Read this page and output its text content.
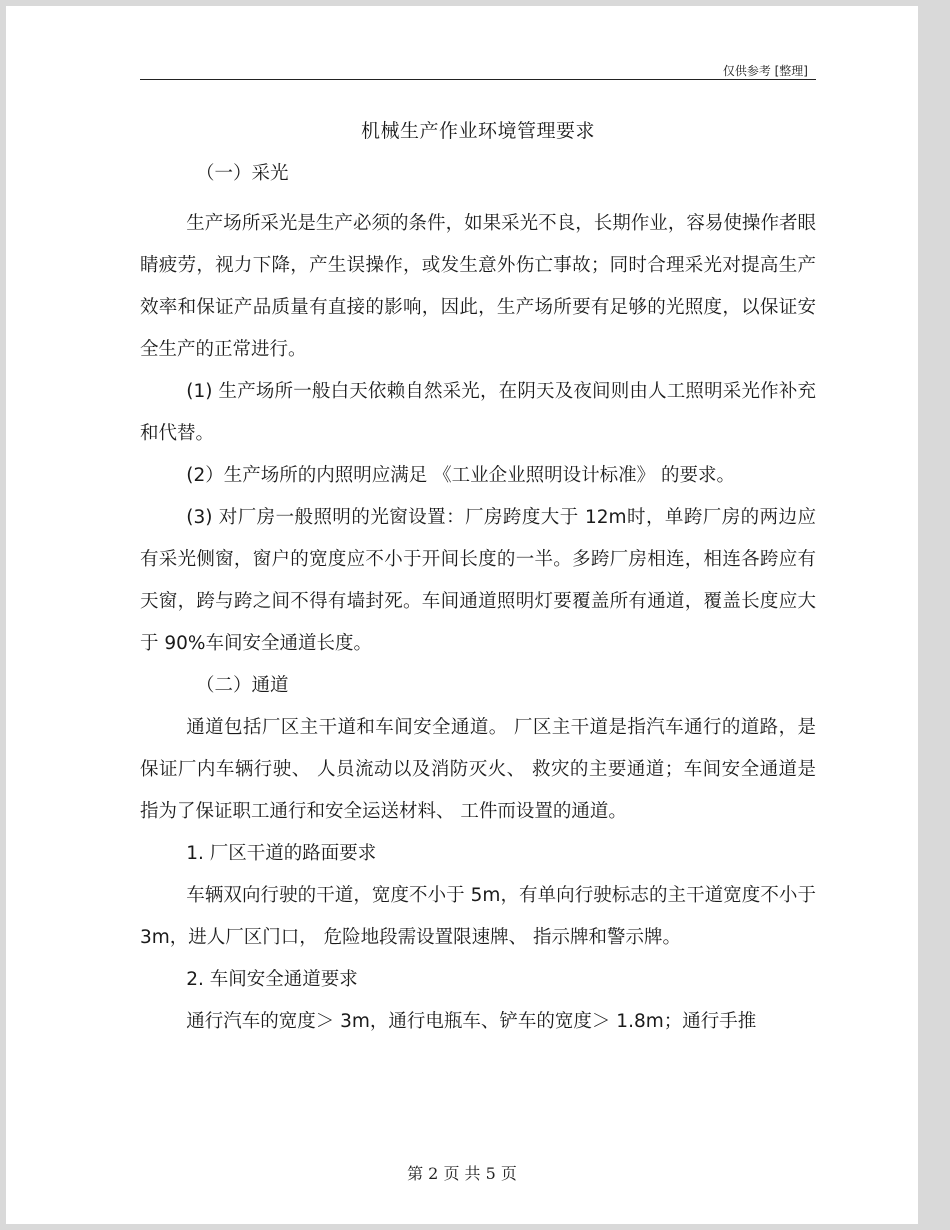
仅供参考 [整理]
机械生产作业环境管理要求
（一）采光

生产场所采光是生产必须的条件，如果采光不良，长期作业，容易使操作者眼睛疲劳，视力下降，产生误操作，或发生意外伤亡事故；同时合理采光对提高生产效率和保证产品质量有直接的影响，因此，生产场所要有足够的光照度，以保证安全生产的正常进行。

(1) 生产场所一般白天依赖自然采光，在阴天及夜间则由人工照明采光作补充和代替。

(2）生产场所的内照明应满足 《工业企业照明设计标准》 的要求。

(3) 对厂房一般照明的光窗设置：厂房跨度大于 12m时，单跨厂房的两边应有采光侧窗，窗户的宽度应不小于开间长度的一半。多跨厂房相连，相连各跨应有天窗，跨与跨之间不得有墙封死。车间通道照明灯要覆盖所有通道，覆盖长度应大于 90%车间安全通道长度。

（二）通道

通道包括厂区主干道和车间安全通道。 厂区主干道是指汽车通行的道路，是保证厂内车辆行驶、 人员流动以及消防灭火、 救灾的主要通道；车间安全通道是指为了保证职工通行和安全运送材料、 工件而设置的通道。

1. 厂区干道的路面要求

车辆双向行驶的干道，宽度不小于 5m，有单向行驶标志的主干道宽度不小于 3m，进人厂区门口， 危险地段需设置限速牌、 指示牌和警示牌。

2. 车间安全通道要求

通行汽车的宽度＞ 3m，通行电瓶车、铲车的宽度＞ 1.8m；通行手推

第 2 页 共 5 页
